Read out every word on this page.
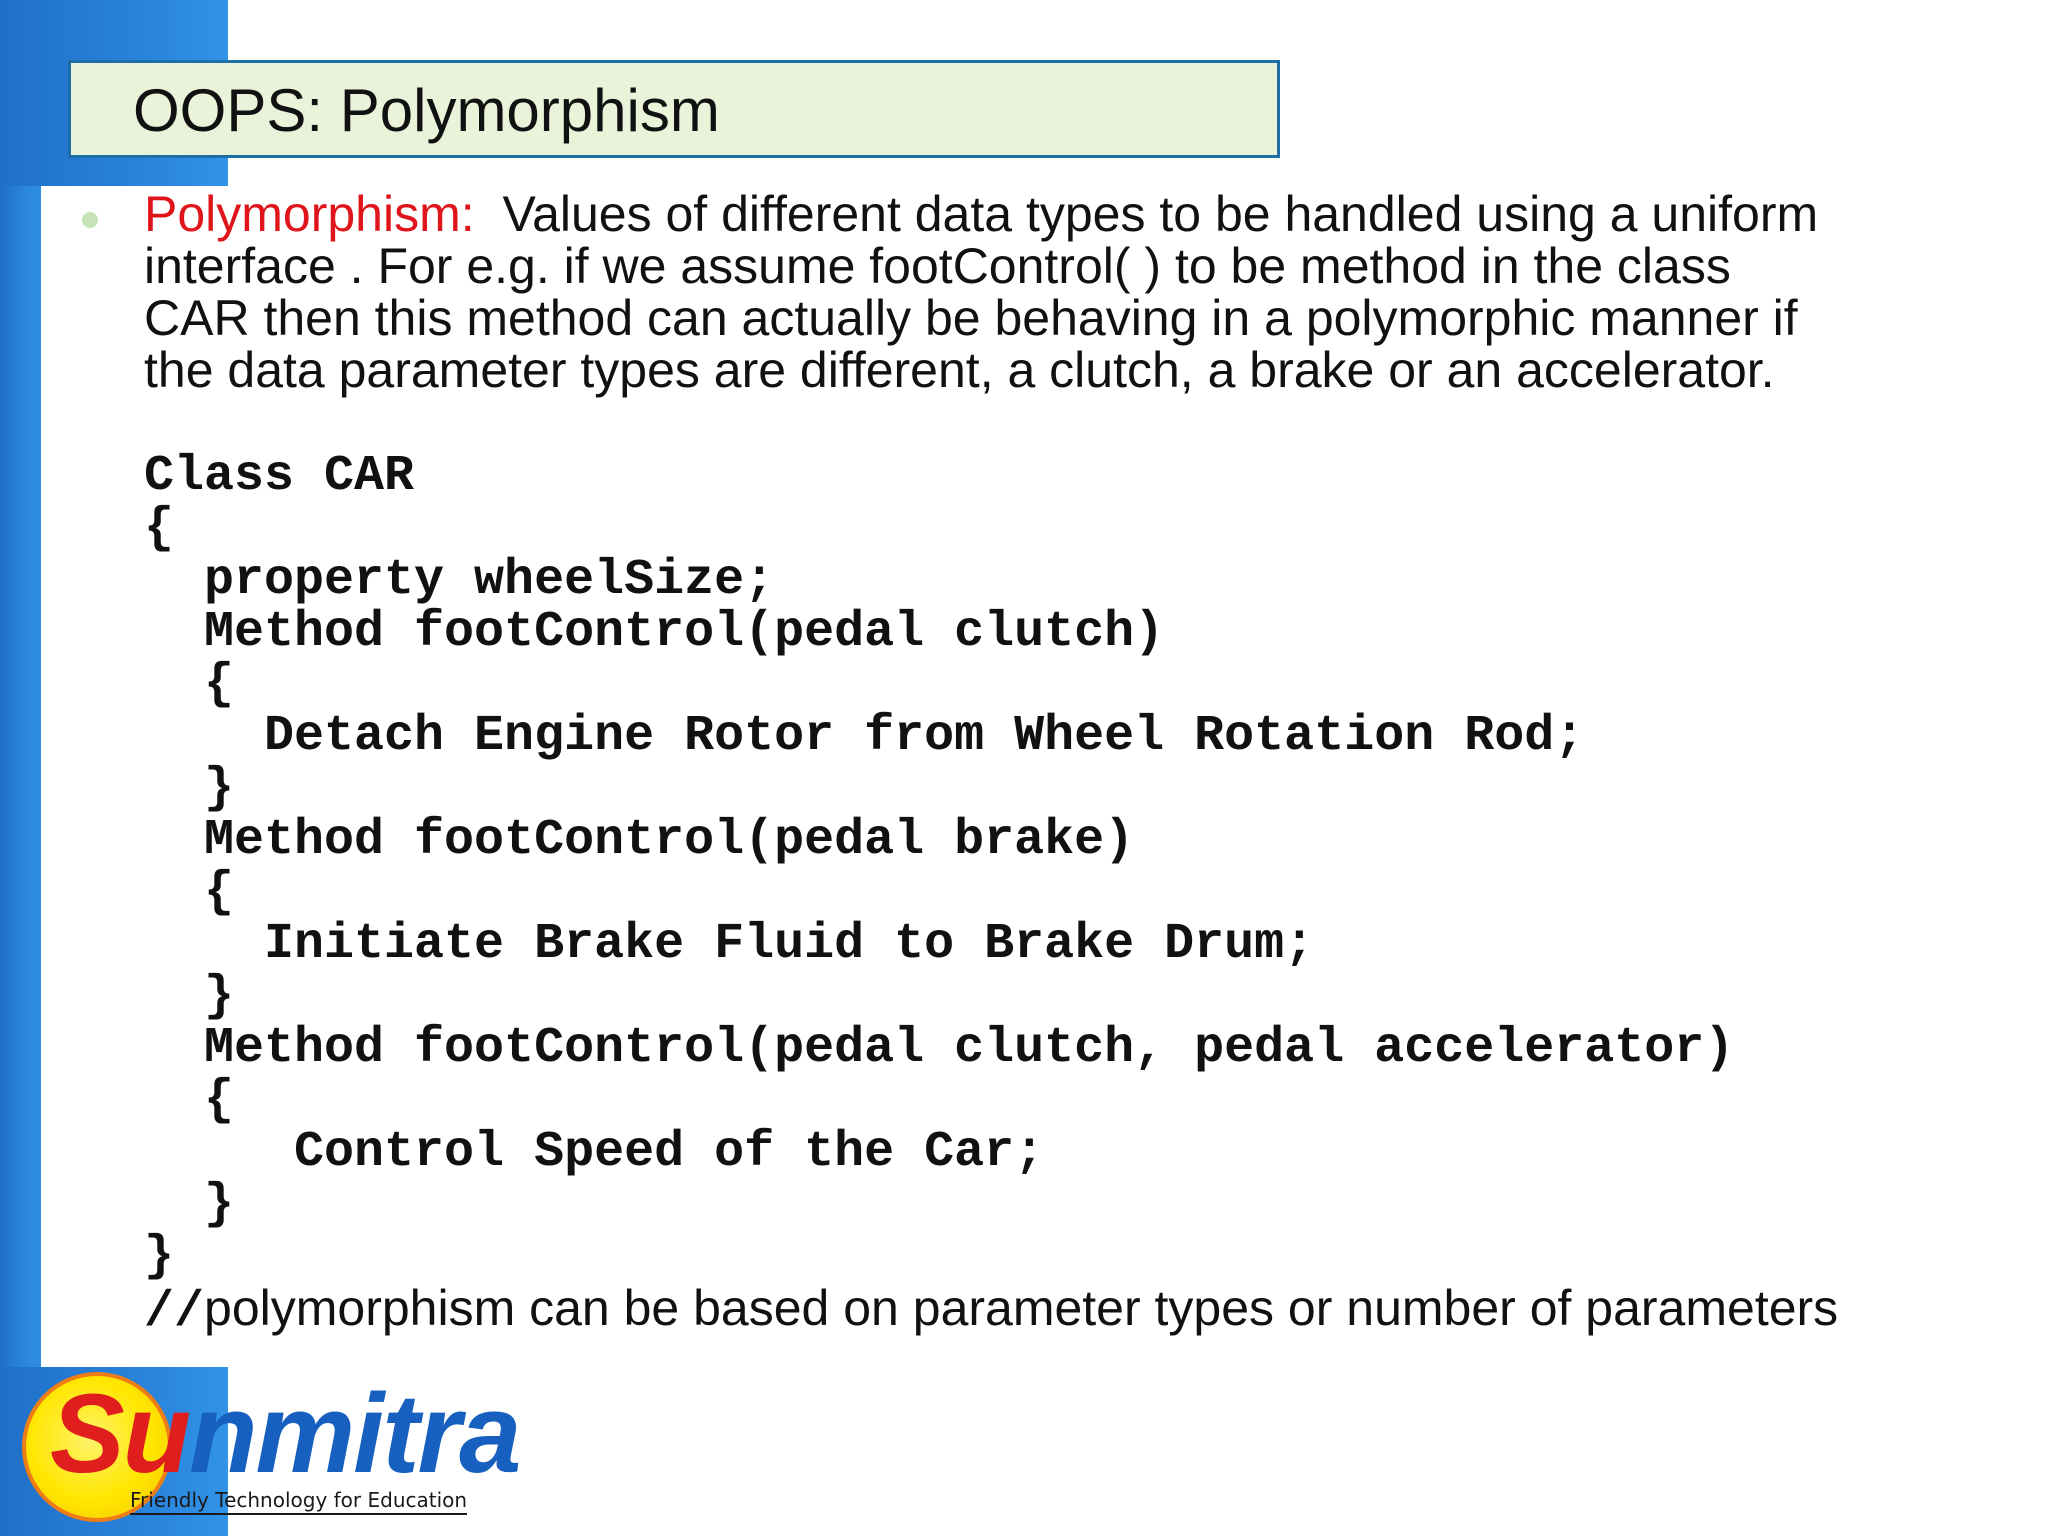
OOPS: Polymorphism
Polymorphism: Values of different data types to be handled using a uniform
interface . For e.g. if we assume footControl( ) to be method in the class
CAR then this method can actually be behaving in a polymorphic manner if
the data parameter types are different, a clutch, a brake or an accelerator.
Class CAR
{
property wheelSize;
Method footControl(pedal clutch)
{
Detach Engine Rotor from Wheel Rotation Rod;
}
Method footControl(pedal brake)
{
Initiate Brake Fluid to Brake Drum;
}
Method footControl(pedal clutch, pedal accelerator)
{
Control Speed of the Car;
}
}
//polymorphism can be based on parameter types or number of parameters
Sunmitra
Friendly Technology for Education
